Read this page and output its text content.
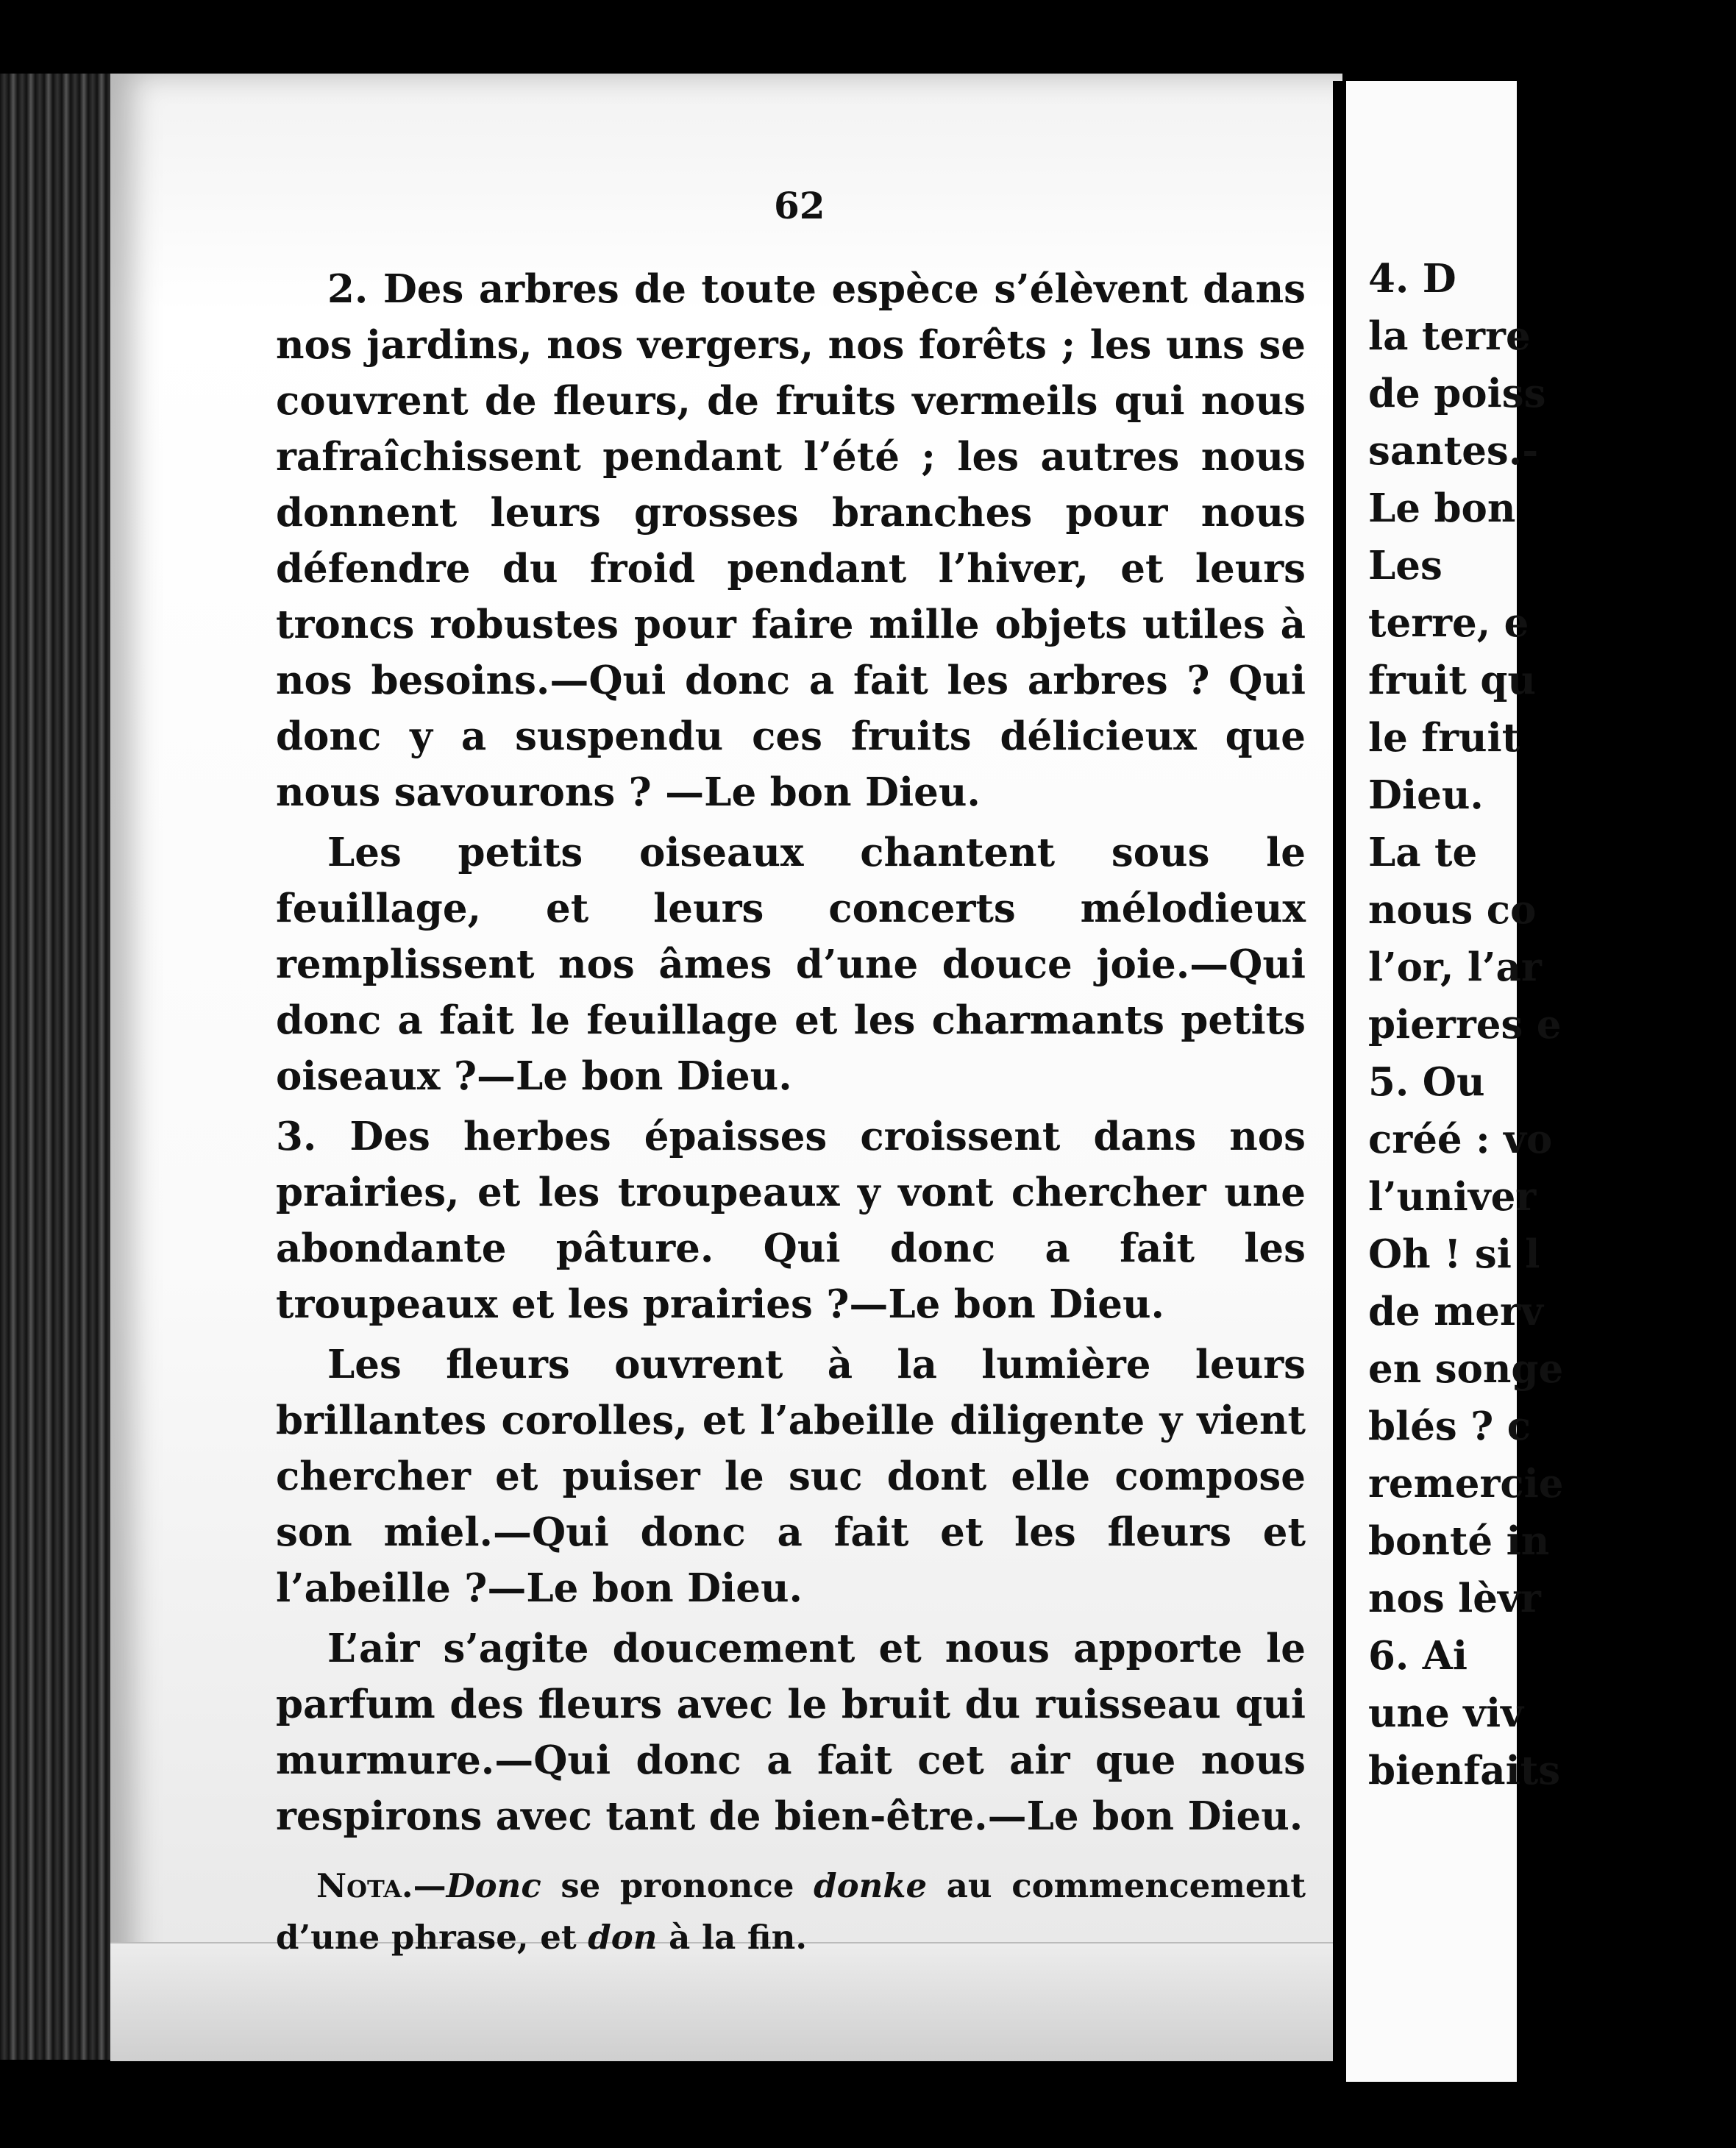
62

2. Des arbres de toute espèce s’élèvent dans nos jardins, nos vergers, nos forêts ; les uns se couvrent de fleurs, de fruits vermeils qui nous rafraîchissent pendant l’été ; les autres nous donnent leurs grosses branches pour nous défendre du froid pendant l’hiver, et leurs troncs robustes pour faire mille objets utiles à nos besoins.—Qui donc a fait les arbres ? Qui donc y a suspendu ces fruits délicieux que nous savourons ? —Le bon Dieu.

Les petits oiseaux chantent sous le feuillage, et leurs concerts mélodieux remplissent nos âmes d’une douce joie.—Qui donc a fait le feuillage et les charmants petits oiseaux ?—Le bon Dieu.

3. Des herbes épaisses croissent dans nos prairies, et les troupeaux y vont chercher une abondante pâture. Qui donc a fait les troupeaux et les prairies ?—Le bon Dieu.

Les fleurs ouvrent à la lumière leurs brillantes corolles, et l’abeille diligente y vient chercher et puiser le suc dont elle compose son miel.—Qui donc a fait et les fleurs et l’abeille ?—Le bon Dieu.

L’air s’agite doucement et nous apporte le parfum des fleurs avec le bruit du ruisseau qui murmure.—Qui donc a fait cet air que nous respirons avec tant de bien-être.—Le bon Dieu.

Nota.—Donc se prononce donke au commencement d’une phrase, et don à la fin.

4. D
la terre
de poiss
santes.-
Le bon
Les
terre, e
fruit qu
le fruit
Dieu.
La te
nous co
l’or, l’ar
pierres e
5. Ou
créé : vo
l’univer
Oh ! si l
de merv
en songe
blés ? c
remercie
bonté in
nos lèvr
6. Ai
une viv
bienfaits
